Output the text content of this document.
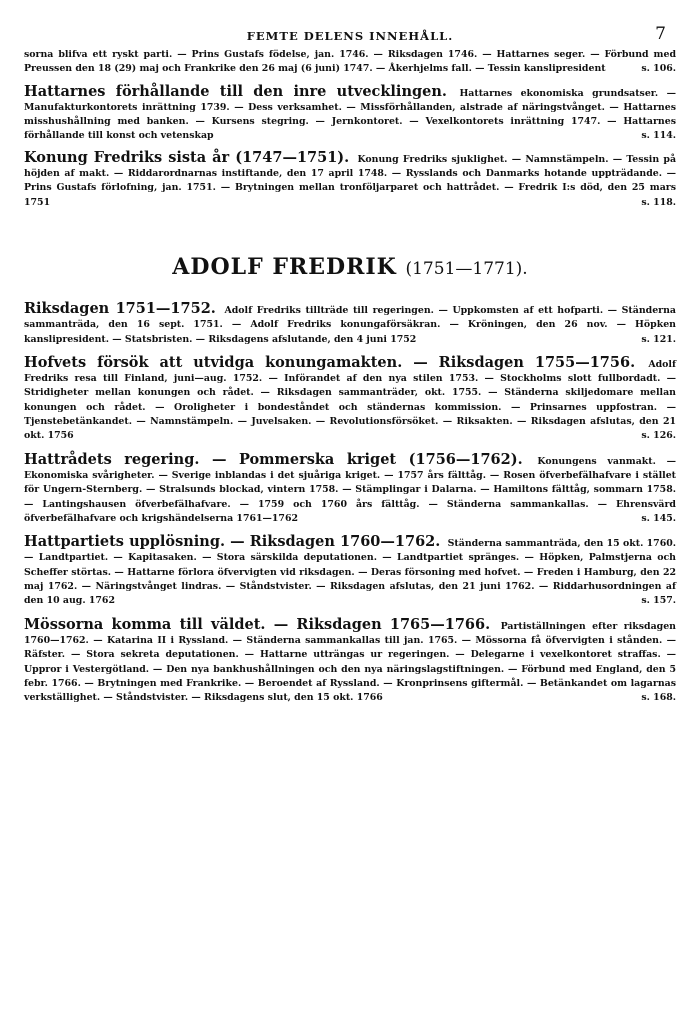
FEMTE DELENS INNEHÅLL.	7
sorna blifva ett ryskt parti. — Prins Gustafs födelse, jan. 1746. — Riksdagen 1746. — Hattarnes seger. — Förbund med Preussen den 18 (29) maj och Frankrike den 26 maj (6 juni) 1747. — Åkerhjelms fall. — Tessin kanslipresident	s. 106.
Hattarnes förhållande till den inre utvecklingen. Hattarnes ekonomiska grundsatser. — Manufakturkontorets inrättning 1739. — Dess verksamhet. — Missförhållanden, alstrade af näringstvånget. — Hattarnes misshushållning med banken. — Kursens stegring. — Jernkontoret. — Vexelkontorets inrättning 1747. — Hattarnes förhållande till konst och vetenskap	s. 114.
Konung Fredriks sista år (1747—1751). Konung Fredriks sjuklighet. — Namnstämpeln. — Tessin på höjden af makt. — Riddarordnarnas instiftande, den 17 april 1748. — Rysslands och Danmarks hotande uppträdande. — Prins Gustafs förlofning, jan. 1751. — Brytningen mellan tronföljarparet och hattrådet. — Fredrik I:s död, den 25 mars 1751	s. 118.
ADOLF FREDRIK (1751—1771).
Riksdagen 1751—1752. Adolf Fredriks tillträde till regeringen. — Uppkomsten af ett hofparti. — Ständerna sammanträda, den 16 sept. 1751. — Adolf Fredriks konungaförsäkran. — Kröningen, den 26 nov. — Höpken kanslipresident. — Statsbristen. — Riksdagens afslutande, den 4 juni 1752	s. 121.
Hofvets försök att utvidga konungamakten. — Riksdagen 1755—1756. Adolf Fredriks resa till Finland, juni—aug. 1752. — Införandet af den nya stilen 1753. — Stockholms slott fullbordadt. — Stridigheter mellan konungen och rådet. — Riksdagen sammanträder, okt. 1755. — Ständerna skiljedomare mellan konungen och rådet. — Oroligheter i bondeståndet och ständernas kommission. — Prinsarnes uppfostran. — Tjenstebetänkandet. — Namnstämpeln. — Juvelsaken. — Revolutionsförsöket. — Riksakten. — Riksdagen afslutas, den 21 okt. 1756	s. 126.
Hattrådets regering. — Pommerska kriget (1756—1762). Konungens vanmakt. — Ekonomiska svårigheter. — Sverige inblandas i det sjuåriga kriget. — 1757 års fälttåg. — Rosen öfverbefälhafvare i stället för Ungern-Sternberg. — Stralsunds blockad, vintern 1758. — Stämplingar i Dalarna. — Hamiltons fälttåg, sommarn 1758. — Lantingshausen öfverbefälhafvare. — 1759 och 1760 års fälttåg. — Ständerna sammankallas. — Ehrensvärd öfverbefälhafvare och krigshändelserna 1761—1762	s. 145.
Hattpartiets upplösning. — Riksdagen 1760—1762. Ständerna sammanträda, den 15 okt. 1760. — Landtpartiet. — Kapitasaken. — Stora särskilda deputationen. — Landtpartiet spränges. — Höpken, Palmstjerna och Scheffer störtas. — Hattarne förlora öfvervigten vid riksdagen. — Deras försoning med hofvet. — Freden i Hamburg, den 22 maj 1762. — Näringstvånget lindras. — Ståndstvister. — Riksdagen afslutas, den 21 juni 1762. — Riddarhusordningen af den 10 aug. 1762	s. 157.
Mössorna komma till väldet. — Riksdagen 1765—1766. Partiställningen efter riksdagen 1760—1762. — Katarina II i Ryssland. — Ständerna sammankallas till jan. 1765. — Mössorna få öfvervigten i stånden. — Räfster. — Stora sekreta deputationen. — Hattarne utträngas ur regeringen. — Delegarne i vexelkontoret straffas. — Uppror i Vestergötland. — Den nya bankhushållningen och den nya näringslagstiftningen. — Förbund med England, den 5 febr. 1766. — Brytningen med Frankrike. — Beroendet af Ryssland. — Kronprinsens giftermål. — Betänkandet om lagarnas verkställighet. — Ståndstvister. — Riksdagens slut, den 15 okt. 1766	s. 168.
